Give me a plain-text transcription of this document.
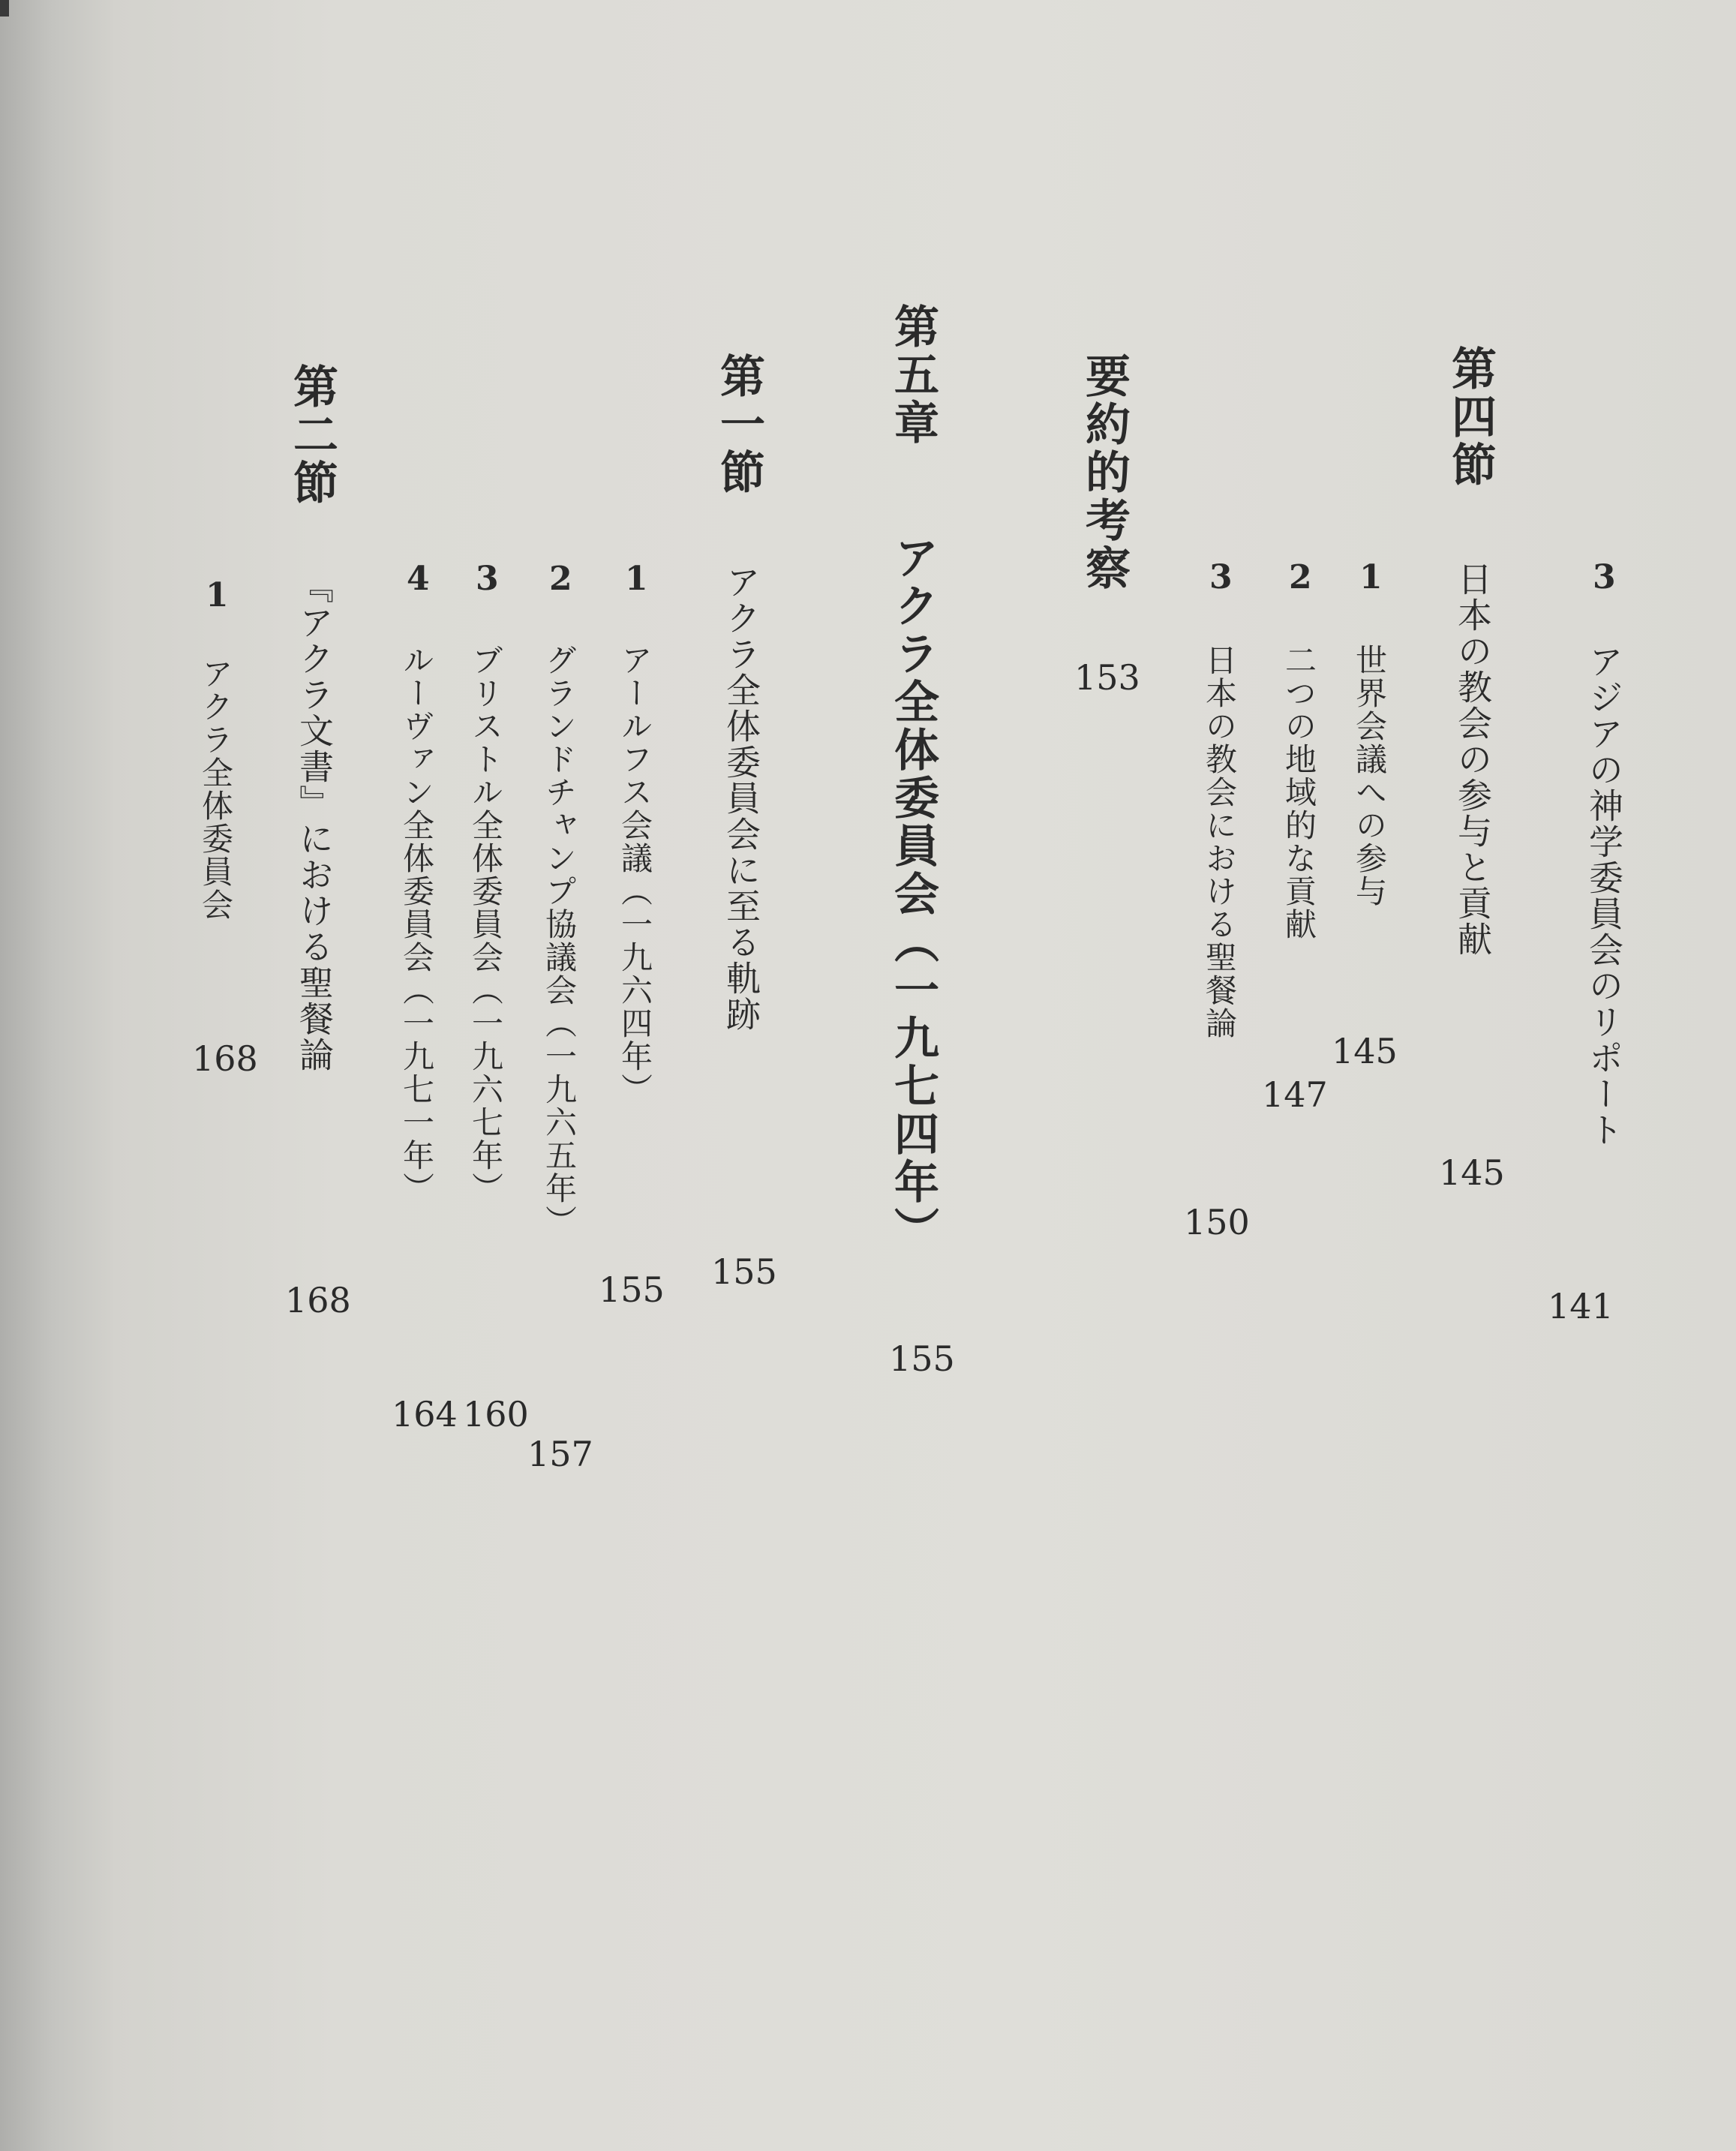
3
アジアの神学委員会のリポート
141
第四節
日本の教会の参与と貢献
145
1
世界会議への参与
145
2
二つの地域的な貢献
147
3
日本の教会における聖餐論
150
要約的考察
153
第五章
アクラ全体委員会（一九七四年）
155
第一節
アクラ全体委員会に至る軌跡
155
1
アールフス会議（一九六四年）
155
2
グランドチャンプ協議会（一九六五年）
157
3
ブリストル全体委員会（一九六七年）
160
4
ルーヴァン全体委員会（一九七一年）
164
第二節
『アクラ文書』における聖餐論
168
1
アクラ全体委員会
168
